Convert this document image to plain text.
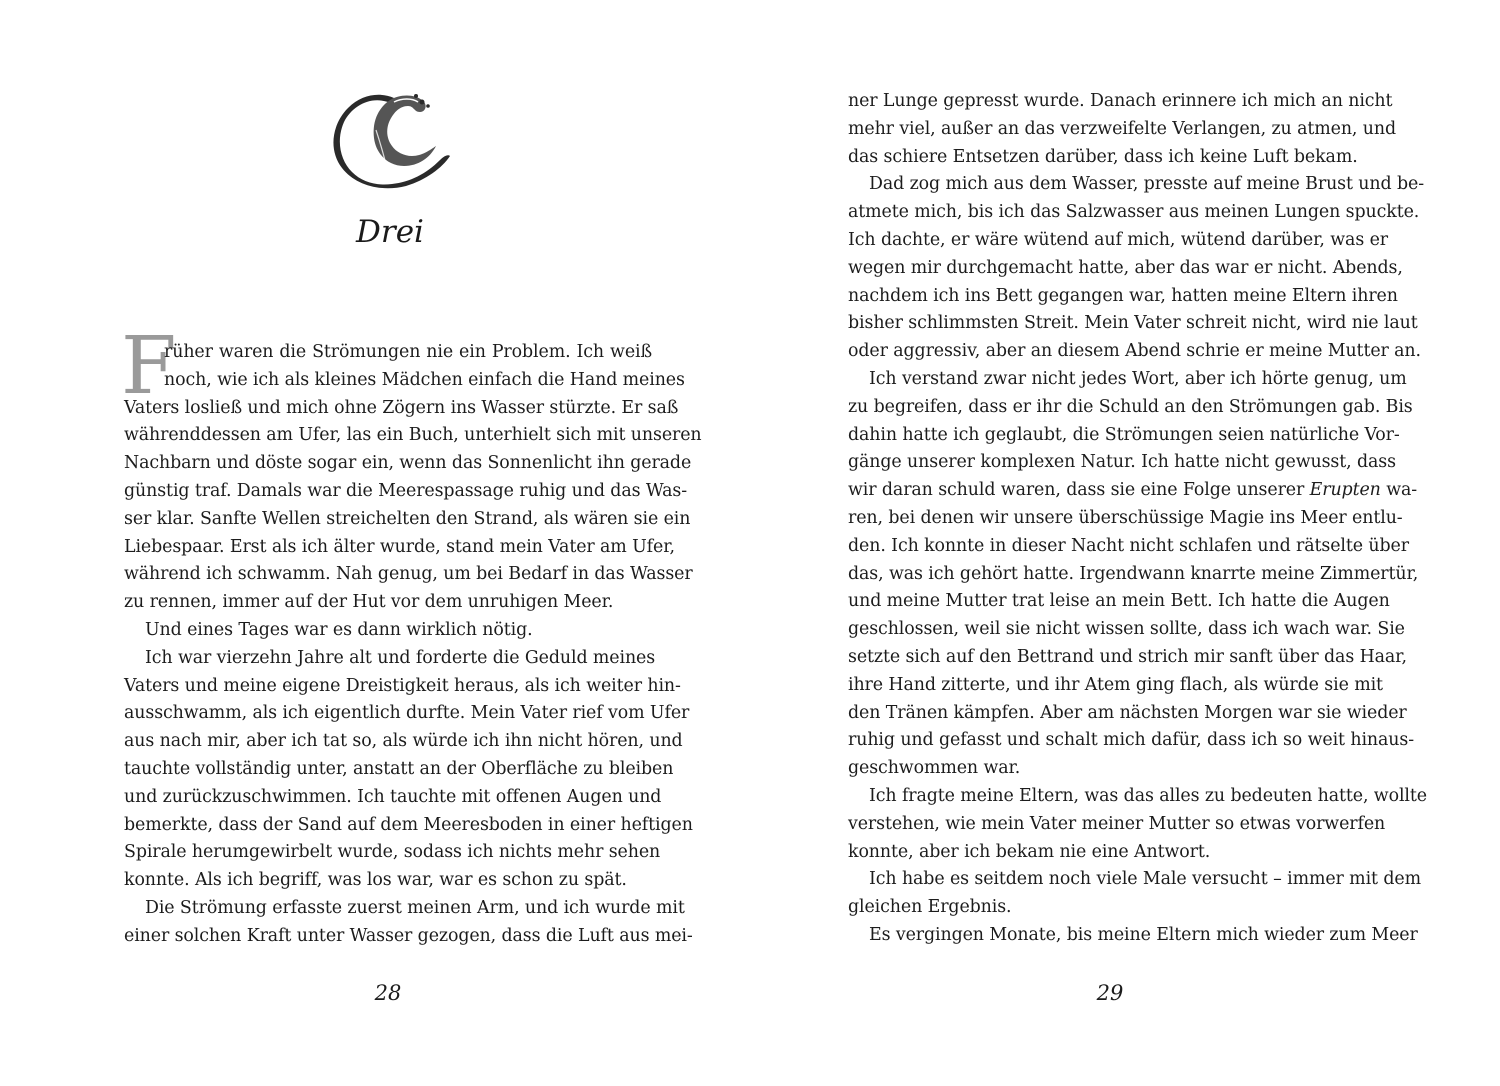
Drei
F
rüher waren die Strömungen nie ein Problem. Ich weiß
noch, wie ich als kleines Mädchen einfach die Hand meines
Vaters losließ und mich ohne Zögern ins Wasser stürzte. Er saß
währenddessen am Ufer, las ein Buch, unterhielt sich mit unseren
Nachbarn und döste sogar ein, wenn das Sonnenlicht ihn gerade
günstig traf. Damals war die Meerespassage ruhig und das Was-
ser klar. Sanfte Wellen streichelten den Strand, als wären sie ein
Liebespaar. Erst als ich älter wurde, stand mein Vater am Ufer,
während ich schwamm. Nah genug, um bei Bedarf in das Wasser
zu rennen, immer auf der Hut vor dem unruhigen Meer.
Und eines Tages war es dann wirklich nötig.
Ich war vierzehn Jahre alt und forderte die Geduld meines
Vaters und meine eigene Dreistigkeit heraus, als ich weiter hin-
ausschwamm, als ich eigentlich durfte. Mein Vater rief vom Ufer
aus nach mir, aber ich tat so, als würde ich ihn nicht hören, und
tauchte vollständig unter, anstatt an der Oberfläche zu bleiben
und zurückzuschwimmen. Ich tauchte mit offenen Augen und
bemerkte, dass der Sand auf dem Meeresboden in einer heftigen
Spirale herumgewirbelt wurde, sodass ich nichts mehr sehen
konnte. Als ich begriff, was los war, war es schon zu spät.
Die Strömung erfasste zuerst meinen Arm, und ich wurde mit
einer solchen Kraft unter Wasser gezogen, dass die Luft aus mei-
28
ner Lunge gepresst wurde. Danach erinnere ich mich an nicht
mehr viel, außer an das verzweifelte Verlangen, zu atmen, und
das schiere Entsetzen darüber, dass ich keine Luft bekam.
Dad zog mich aus dem Wasser, presste auf meine Brust und be-
atmete mich, bis ich das Salzwasser aus meinen Lungen spuckte.
Ich dachte, er wäre wütend auf mich, wütend darüber, was er
wegen mir durchgemacht hatte, aber das war er nicht. Abends,
nachdem ich ins Bett gegangen war, hatten meine Eltern ihren
bisher schlimmsten Streit. Mein Vater schreit nicht, wird nie laut
oder aggressiv, aber an diesem Abend schrie er meine Mutter an.
Ich verstand zwar nicht jedes Wort, aber ich hörte genug, um
zu begreifen, dass er ihr die Schuld an den Strömungen gab. Bis
dahin hatte ich geglaubt, die Strömungen seien natürliche Vor-
gänge unserer komplexen Natur. Ich hatte nicht gewusst, dass
wir daran schuld waren, dass sie eine Folge unserer Erupten wa-
ren, bei denen wir unsere überschüssige Magie ins Meer entlu-
den. Ich konnte in dieser Nacht nicht schlafen und rätselte über
das, was ich gehört hatte. Irgendwann knarrte meine Zimmertür,
und meine Mutter trat leise an mein Bett. Ich hatte die Augen
geschlossen, weil sie nicht wissen sollte, dass ich wach war. Sie
setzte sich auf den Bettrand und strich mir sanft über das Haar,
ihre Hand zitterte, und ihr Atem ging flach, als würde sie mit
den Tränen kämpfen. Aber am nächsten Morgen war sie wieder
ruhig und gefasst und schalt mich dafür, dass ich so weit hinaus-
geschwommen war.
Ich fragte meine Eltern, was das alles zu bedeuten hatte, wollte
verstehen, wie mein Vater meiner Mutter so etwas vorwerfen
konnte, aber ich bekam nie eine Antwort.
Ich habe es seitdem noch viele Male versucht – immer mit dem
gleichen Ergebnis.
Es vergingen Monate, bis meine Eltern mich wieder zum Meer
29
